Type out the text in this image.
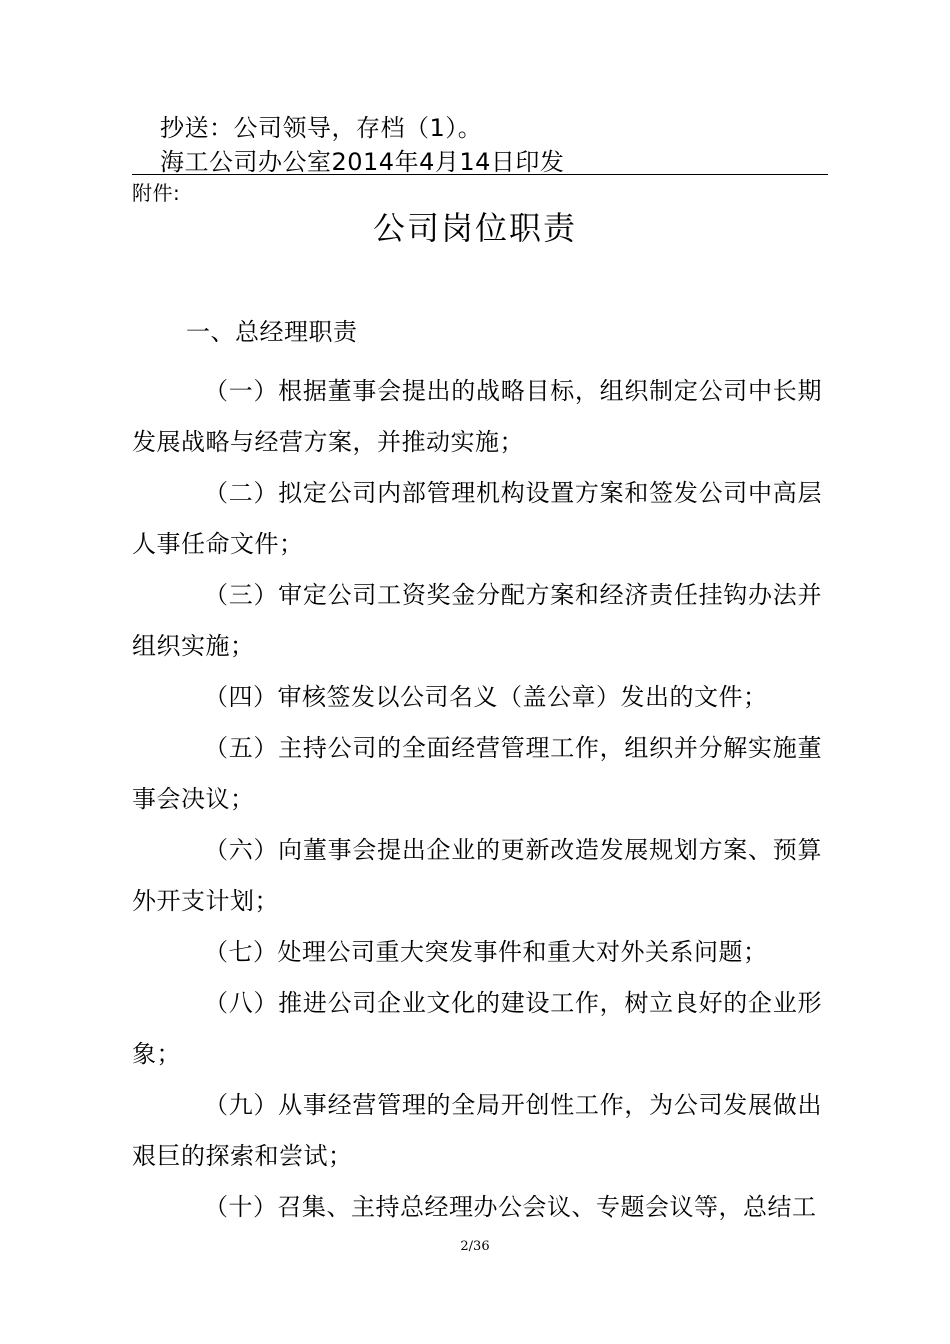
抄送：公司领导，存档（1）。
海工公司办公室2014年4月14日印发
附件:
公司岗位职责
一、总经理职责

（一）根据董事会提出的战略目标，组织制定公司中长期发展战略与经营方案，并推动实施；

（二）拟定公司内部管理机构设置方案和签发公司中高层人事任命文件；

（三）审定公司工资奖金分配方案和经济责任挂钩办法并组织实施；

（四）审核签发以公司名义（盖公章）发出的文件；

（五）主持公司的全面经营管理工作，组织并分解实施董事会决议；

（六）向董事会提出企业的更新改造发展规划方案、预算外开支计划；

（七）处理公司重大突发事件和重大对外关系问题；

（八）推进公司企业文化的建设工作，树立良好的企业形象；

（九）从事经营管理的全局开创性工作，为公司发展做出艰巨的探索和尝试；

（十）召集、主持总经理办公会议、专题会议等，总结工

2/36
